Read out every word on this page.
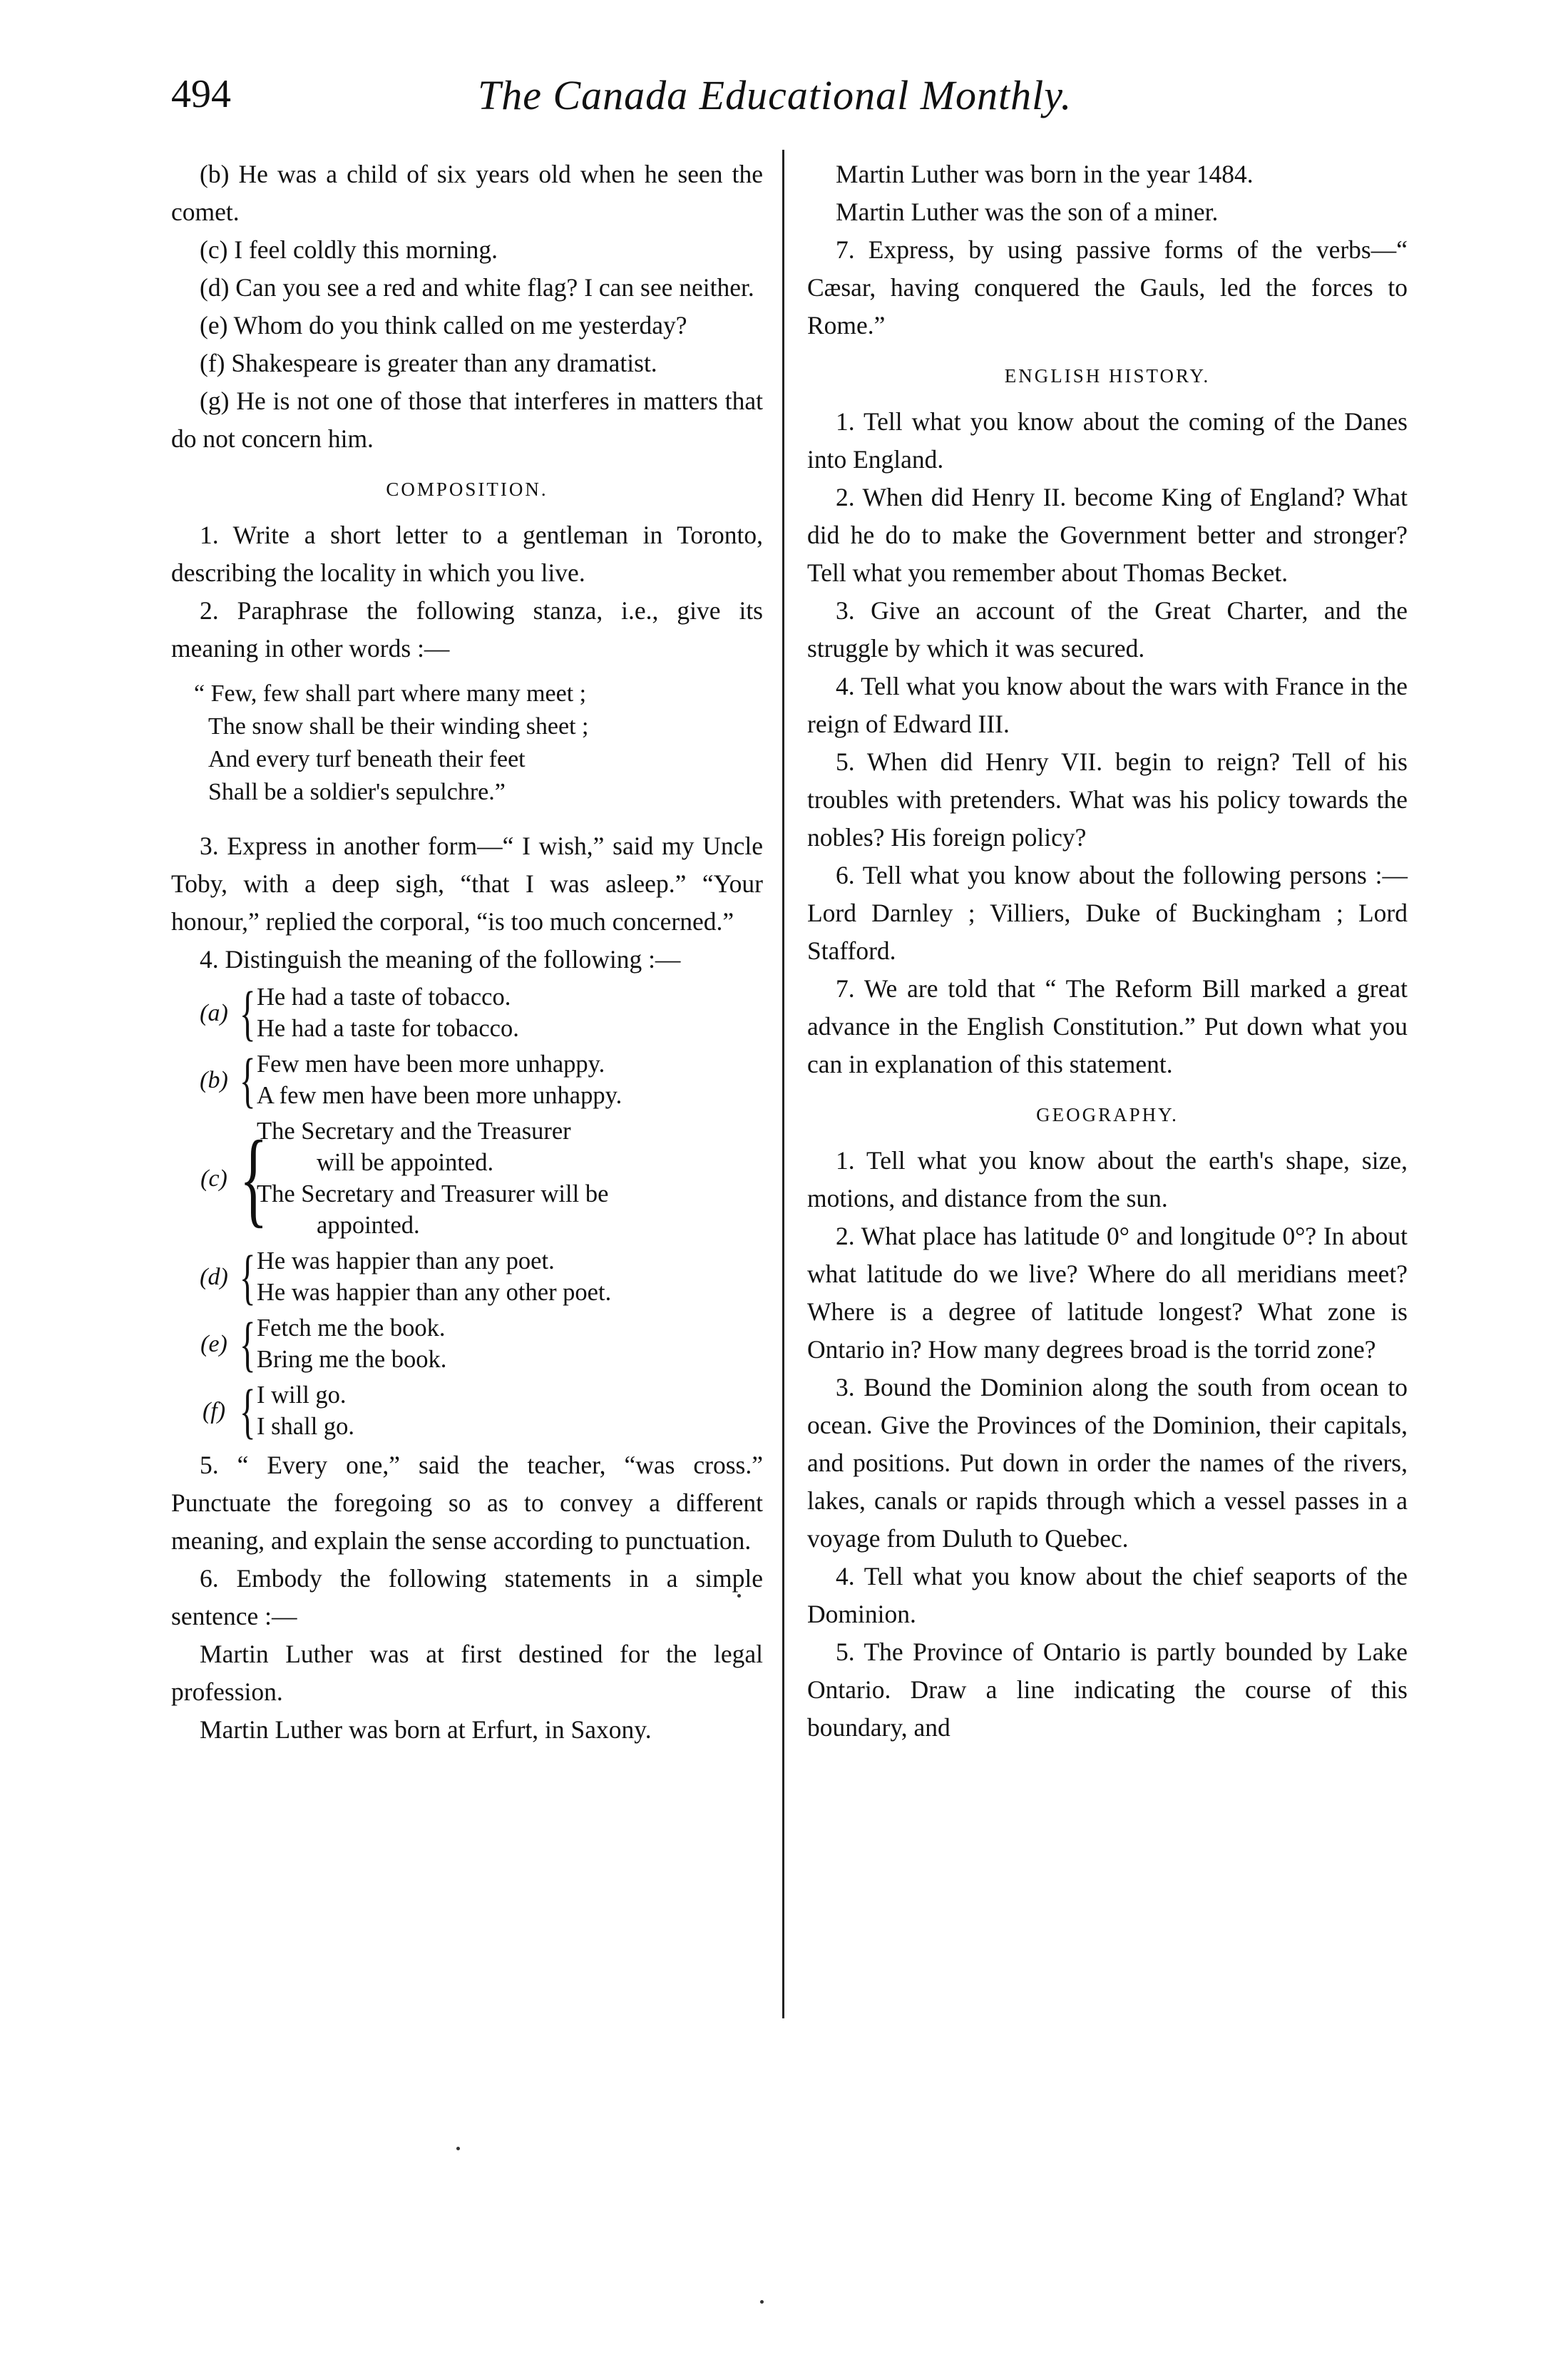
494	The Canada Educational Monthly.

(b) He was a child of six years old when he seen the comet.

(c) I feel coldly this morning.

(d) Can you see a red and white flag? I can see neither.

(e) Whom do you think called on me yesterday?

(f) Shakespeare is greater than any dramatist.

(g) He is not one of those that interferes in matters that do not concern him.

COMPOSITION.

1. Write a short letter to a gentleman in Toronto, describing the locality in which you live.

2. Paraphrase the following stanza, i.e., give its meaning in other words :—

“ Few, few shall part where many meet ;
The snow shall be their winding sheet ;
And every turf beneath their feet
Shall be a soldier's sepulchre.”

3. Express in another form—“ I wish,” said my Uncle Toby, with a deep sigh, “that I was asleep.” “Your honour,” replied the corporal, “is too much concerned.”

4. Distinguish the meaning of the following :—

(a) { He had a taste of tobacco.
He had a taste for tobacco.
(b) { Few men have been more unhappy.
A few men have been more unhappy.
(c) {
The Secretary and the Treasurer
will be appointed.
The Secretary and Treasurer will be
appointed.
(d) { He was happier than any poet.
He was happier than any other poet.
(e) { Fetch me the book.
Bring me the book.
(f) { I will go.
I shall go.

5. “ Every one,” said the teacher, “was cross.” Punctuate the foregoing so as to convey a different meaning, and explain the sense according to punctuation.

6. Embody the following statements in a simple sentence :—

Martin Luther was at first destined for the legal profession.

Martin Luther was born at Erfurt, in Saxony.

Martin Luther was born in the year 1484.

Martin Luther was the son of a miner.

7. Express, by using passive forms of the verbs—“ Cæsar, having conquered the Gauls, led the forces to Rome.”

ENGLISH HISTORY.

1. Tell what you know about the coming of the Danes into England.

2. When did Henry II. become King of England? What did he do to make the Government better and stronger? Tell what you remember about Thomas Becket.

3. Give an account of the Great Charter, and the struggle by which it was secured.

4. Tell what you know about the wars with France in the reign of Edward III.

5. When did Henry VII. begin to reign? Tell of his troubles with pretenders. What was his policy towards the nobles? His foreign policy?

6. Tell what you know about the following persons :—Lord Darnley ; Villiers, Duke of Buckingham ; Lord Stafford.

7. We are told that “ The Reform Bill marked a great advance in the English Constitution.” Put down what you can in explanation of this statement.

GEOGRAPHY.

1. Tell what you know about the earth's shape, size, motions, and distance from the sun.

2. What place has latitude 0° and longitude 0°? In about what latitude do we live? Where do all meridians meet? Where is a degree of latitude longest? What zone is Ontario in? How many degrees broad is the torrid zone?

3. Bound the Dominion along the south from ocean to ocean. Give the Provinces of the Dominion, their capitals, and positions. Put down in order the names of the rivers, lakes, canals or rapids through which a vessel passes in a voyage from Duluth to Quebec.

4. Tell what you know about the chief seaports of the Dominion.

5. The Province of Ontario is partly bounded by Lake Ontario. Draw a line indicating the course of this boundary, and
